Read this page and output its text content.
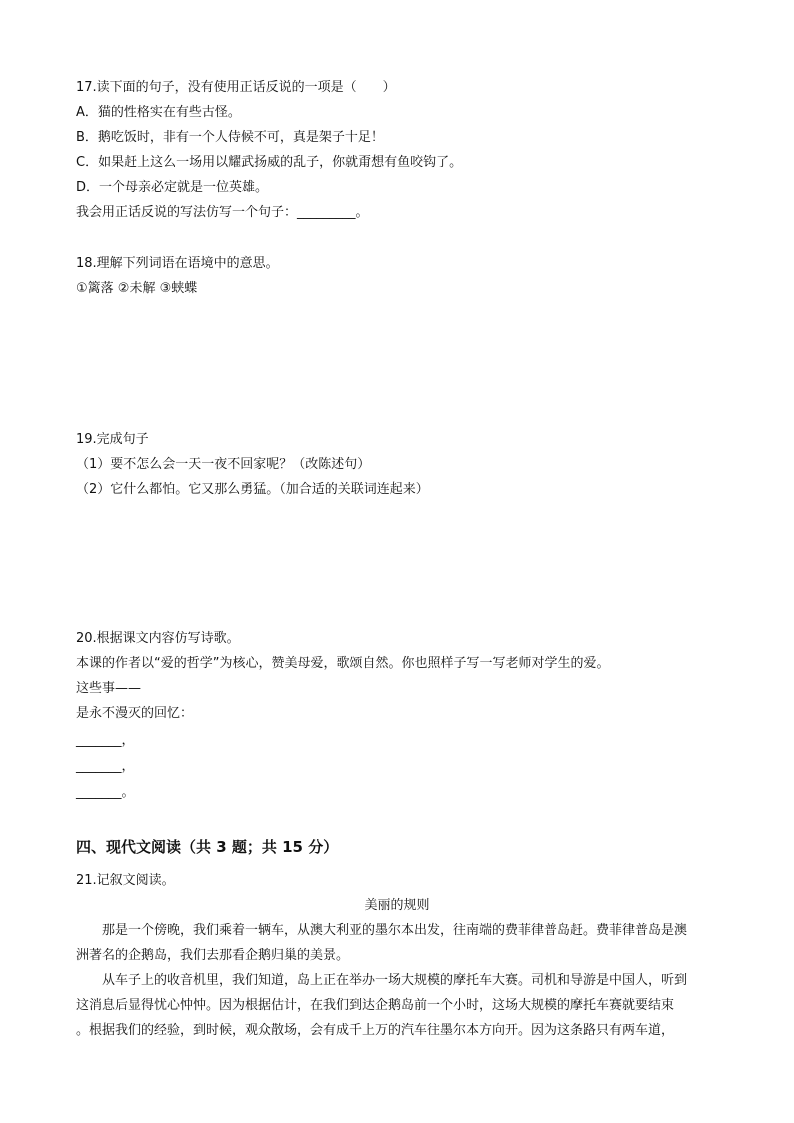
17.读下面的句子，没有使用正话反说的一项是（　　）
A．猫的性格实在有些古怪。
B．鹅吃饭时，非有一个人侍候不可，真是架子十足！
C．如果赶上这么一场用以耀武扬威的乱子，你就甭想有鱼咬钩了。
D．一个母亲必定就是一位英雄。
我会用正话反说的写法仿写一个句子：_________。
18.理解下列词语在语境中的意思。
①篱落 ②未解 ③蛱蝶
19.完成句子
（1）要不怎么会一天一夜不回家呢？（改陈述句）
（2）它什么都怕。它又那么勇猛。（加合适的关联词连起来）
20.根据课文内容仿写诗歌。
本课的作者以“爱的哲学”为核心，赞美母爱，歌颂自然。你也照样子写一写老师对学生的爱。
这些事——
是永不漫灭的回忆：
_______，
_______，
_______。
四、现代文阅读（共 3 题；共 15 分）
21.记叙文阅读。
美丽的规则
那是一个傍晚，我们乘着一辆车，从澳大利亚的墨尔本出发，往南端的费菲律普岛赶。费菲律普岛是澳
洲著名的企鹅岛，我们去那看企鹅归巢的美景。
从车子上的收音机里，我们知道，岛上正在举办一场大规模的摩托车大赛。司机和导游是中国人，听到
这消息后显得忧心忡忡。因为根据估计，在我们到达企鹅岛前一个小时，这场大规模的摩托车赛就要结束
。根据我们的经验，到时候，观众散场，会有成千上万的汽车往墨尔本方向开。因为这条路只有两车道，
